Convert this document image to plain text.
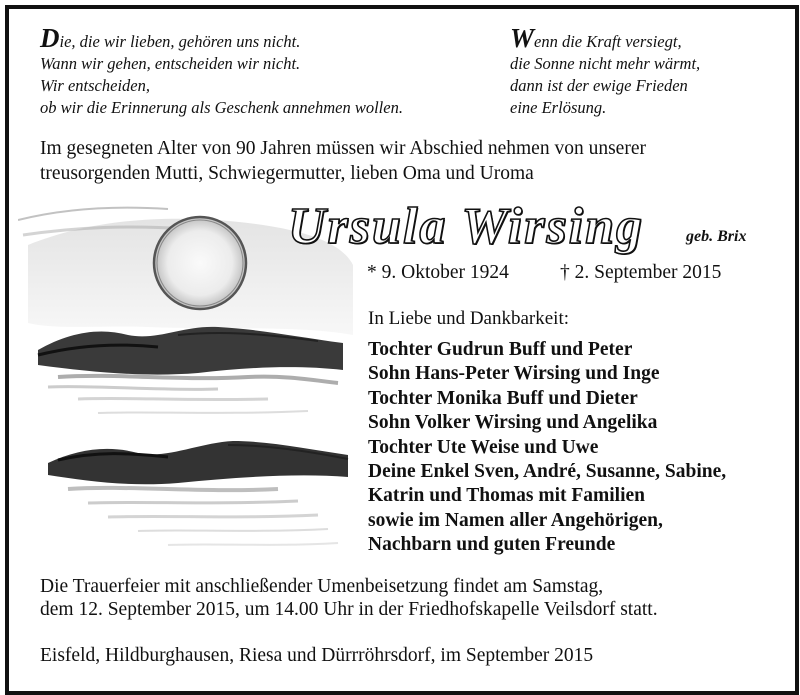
Die, die wir lieben, gehören uns nicht.
Wann wir gehen, entscheiden wir nicht.
Wir entscheiden,
ob wir die Erinnerung als Geschenk annehmen wollen.
Wenn die Kraft versiegt,
die Sonne nicht mehr wärmt,
dann ist der ewige Frieden
eine Erlösung.
Im gesegneten Alter von 90 Jahren müssen wir Abschied nehmen von unserer
treusorgenden Mutti, Schwiegermutter, lieben Oma und Uroma
Ursula Wirsing	geb. Brix
* 9. Oktober 1924	† 2. September 2015
In Liebe und Dankbarkeit:
Tochter Gudrun Buff und Peter
Sohn Hans-Peter Wirsing und Inge
Tochter Monika Buff und Dieter
Sohn Volker Wirsing und Angelika
Tochter Ute Weise und Uwe
Deine Enkel Sven, André, Susanne, Sabine,
Katrin und Thomas mit Familien
sowie im Namen aller Angehörigen,
Nachbarn und guten Freunde
Die Trauerfeier mit anschließender Umenbeisetzung findet am Samstag,
dem 12. September 2015, um 14.00 Uhr in der Friedhofskapelle Veilsdorf statt.
Eisfeld, Hildburghausen, Riesa und Dürrröhrsdorf, im September 2015
